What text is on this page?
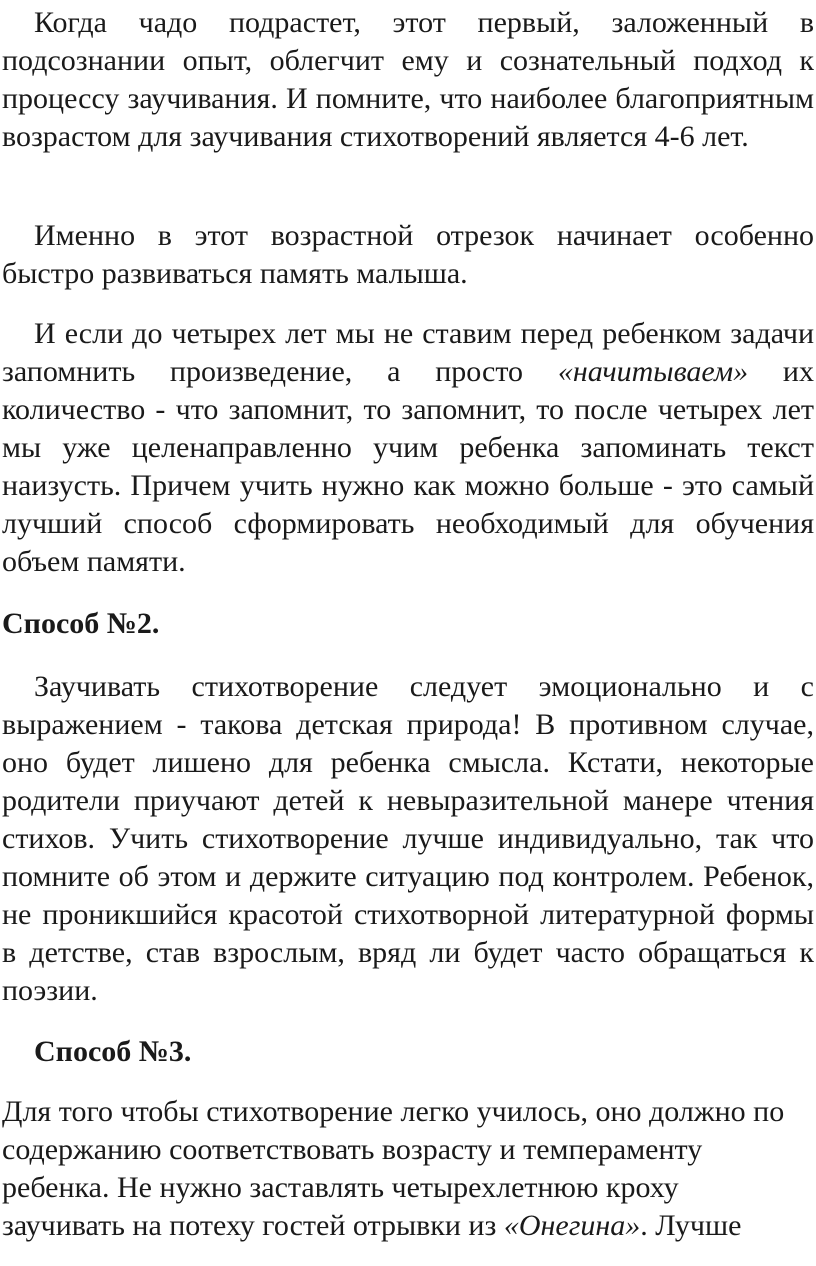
Когда чадо подрастет, этот первый, заложенный в подсознании опыт, облегчит ему и сознательный подход к процессу заучивания. И помните, что наиболее благоприятным возрастом для заучивания стихотворений является 4-6 лет.

Именно в этот возрастной отрезок начинает особенно быстро развиваться память малыша.

И если до четырех лет мы не ставим перед ребенком задачи запомнить произведение, а просто «начитываем» их количество - что запомнит, то запомнит, то после четырех лет мы уже целенаправленно учим ребенка запоминать текст наизусть. Причем учить нужно как можно больше - это самый лучший способ сформировать необходимый для обучения объем памяти.

Способ №2.

Заучивать стихотворение следует эмоционально и с выражением - такова детская природа! В противном случае, оно будет лишено для ребенка смысла. Кстати, некоторые родители приучают детей к невыразительной манере чтения стихов. Учить стихотворение лучше индивидуально, так что помните об этом и держите ситуацию под контролем. Ребенок, не проникшийся красотой стихотворной литературной формы в детстве, став взрослым, вряд ли будет часто обращаться к поэзии.

Способ №3.

Для того чтобы стихотворение легко училось, оно должно по содержанию соответствовать возрасту и темпераменту ребенка. Не нужно заставлять четырехлетнюю кроху заучивать на потеху гостей отрывки из «Онегина». Лучше
